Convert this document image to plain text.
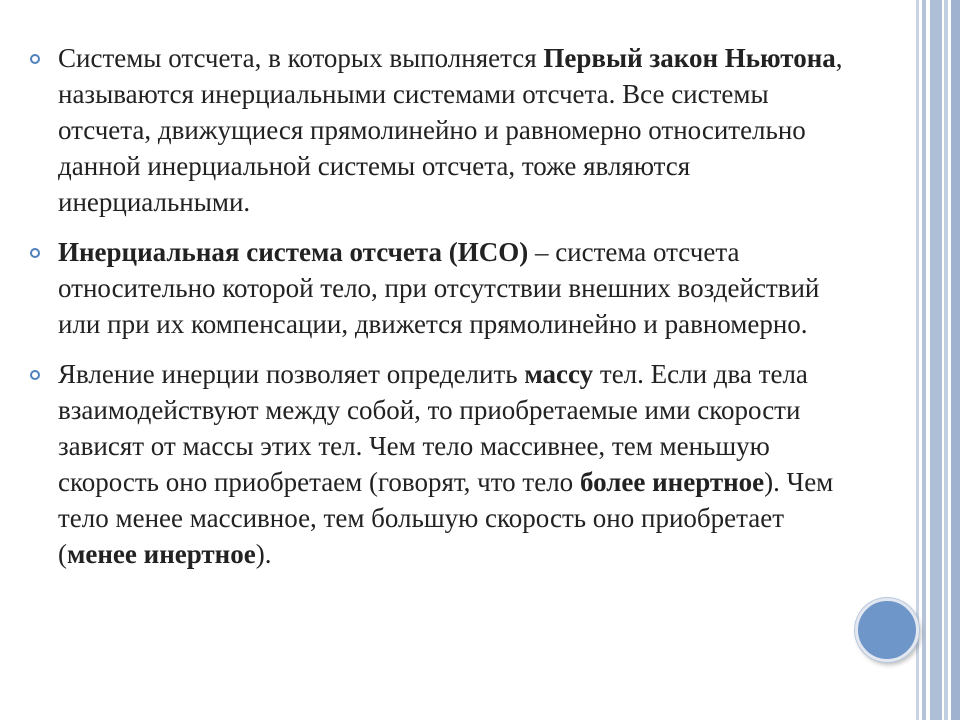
Системы отсчета, в которых выполняется Первый закон Ньютона, называются инерциальными системами отсчета. Все системы отсчета, движущиеся прямолинейно и равномерно относительно данной инерциальной системы отсчета, тоже являются инерциальными.
Инерциальная система отсчета (ИСО) – система отсчета относительно которой тело, при отсутствии внешних воздействий или при их компенсации, движется прямолинейно и равномерно.
Явление инерции позволяет определить массу тел. Если два тела взаимодействуют между собой, то приобретаемые ими скорости зависят от массы этих тел. Чем тело массивнее, тем меньшую скорость оно приобретаем (говорят, что тело более инертное). Чем тело менее массивное, тем большую скорость оно приобретает (менее инертное).
